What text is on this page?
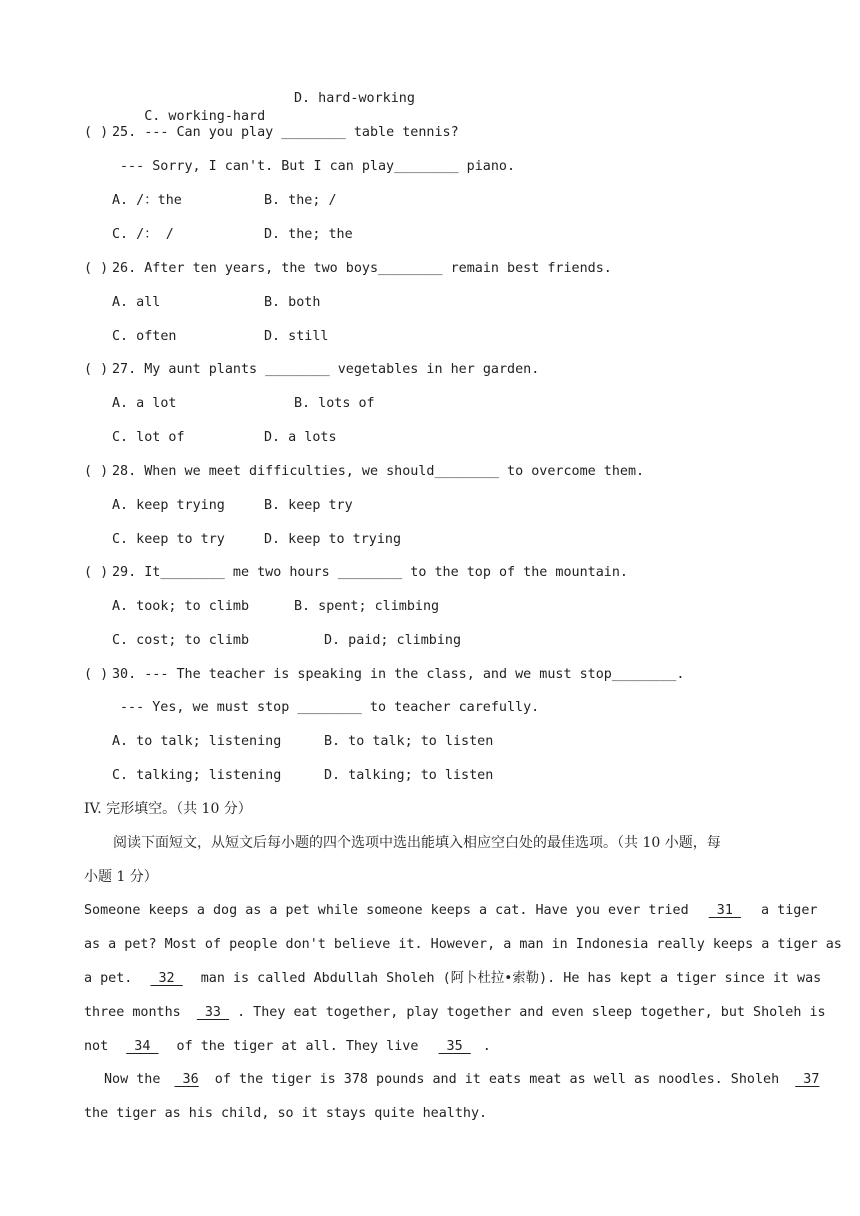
C. working-hard

D. hard-working
( ) 25. --- Can you play ________ table tennis?
--- Sorry, I can't. But I can play________ piano.
A. /：the	B. the; /
C. /： /	D. the; the
( ) 26. After ten years, the two boys________ remain best friends.
A. all	B. both
C. often	D. still
( ) 27. My aunt plants ________ vegetables in her garden.
A. a lot	B. lots of
C. lot of	D. a lots
( ) 28. When we meet difficulties, we should________ to overcome them.
A. keep trying	B. keep try
C. keep to try	D. keep to trying
( ) 29. It________ me two hours ________ to the top of the mountain.
A. took; to climb	B. spent; climbing
C. cost; to climb	D. paid; climbing
( ) 30. --- The teacher is speaking in the class, and we must stop________.
--- Yes, we must stop ________ to teacher carefully.
A. to talk; listening	B. to talk; to listen
C. talking; listening	D. talking; to listen
IV. 完形填空。（共 10 分）
阅读下面短文，从短文后每小题的四个选项中选出能填入相应空白处的最佳选项。（共 10 小题，每
小题 1 分）
Someone keeps a dog as a pet while someone keeps a cat. Have you ever tried  31  a tiger
as a pet? Most of people don't believe it. However, a man in Indonesia really keeps a tiger as
a pet.  32  man is called Abdullah Sholeh (阿卜杜拉•索勒). He has kept a tiger since it was
three months  33 . They eat together, play together and even sleep together, but Sholeh is
not  34  of the tiger at all. They live  35 .
Now the  36  of the tiger is 378 pounds and it eats meat as well as noodles. Sholeh  37
the tiger as his child, so it stays quite healthy.
